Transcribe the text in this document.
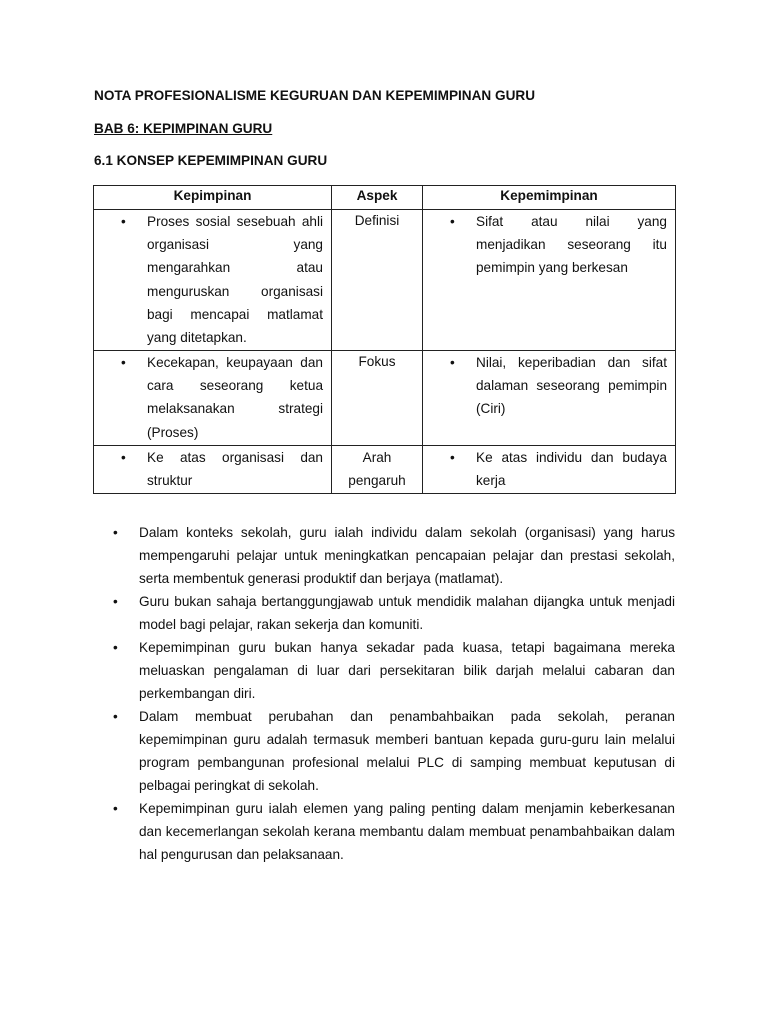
NOTA PROFESIONALISME KEGURUAN DAN KEPEMIMPINAN GURU
BAB 6: KEPIMPINAN GURU
6.1 KONSEP KEPEMIMPINAN GURU
Kepimpinan	Aspek	Kepemimpinan

• Proses sosial sesebuah ahli organisasi yang mengarahkan atau menguruskan organisasi bagi mencapai matlamat yang ditetapkan.	Definisi	• Sifat atau nilai yang menjadikan seseorang itu pemimpin yang berkesan

• Kecekapan, keupayaan dan cara seseorang ketua melaksanakan strategi (Proses)	Fokus	• Nilai, keperibadian dan sifat dalaman seseorang pemimpin (Ciri)

• Ke atas organisasi dan struktur	Arah pengaruh	• Ke atas individu dan budaya kerja
• Dalam konteks sekolah, guru ialah individu dalam sekolah (organisasi) yang harus mempengaruhi pelajar untuk meningkatkan pencapaian pelajar dan prestasi sekolah, serta membentuk generasi produktif dan berjaya (matlamat).
• Guru bukan sahaja bertanggungjawab untuk mendidik malahan dijangka untuk menjadi model bagi pelajar, rakan sekerja dan komuniti.
• Kepemimpinan guru bukan hanya sekadar pada kuasa, tetapi bagaimana mereka meluaskan pengalaman di luar dari persekitaran bilik darjah melalui cabaran dan perkembangan diri.
• Dalam membuat perubahan dan penambahbaikan pada sekolah, peranan kepemimpinan guru adalah termasuk memberi bantuan kepada guru-guru lain melalui program pembangunan profesional melalui PLC di samping membuat keputusan di pelbagai peringkat di sekolah.
• Kepemimpinan guru ialah elemen yang paling penting dalam menjamin keberkesanan dan kecemerlangan sekolah kerana membantu dalam membuat penambahbaikan dalam hal pengurusan dan pelaksanaan.
